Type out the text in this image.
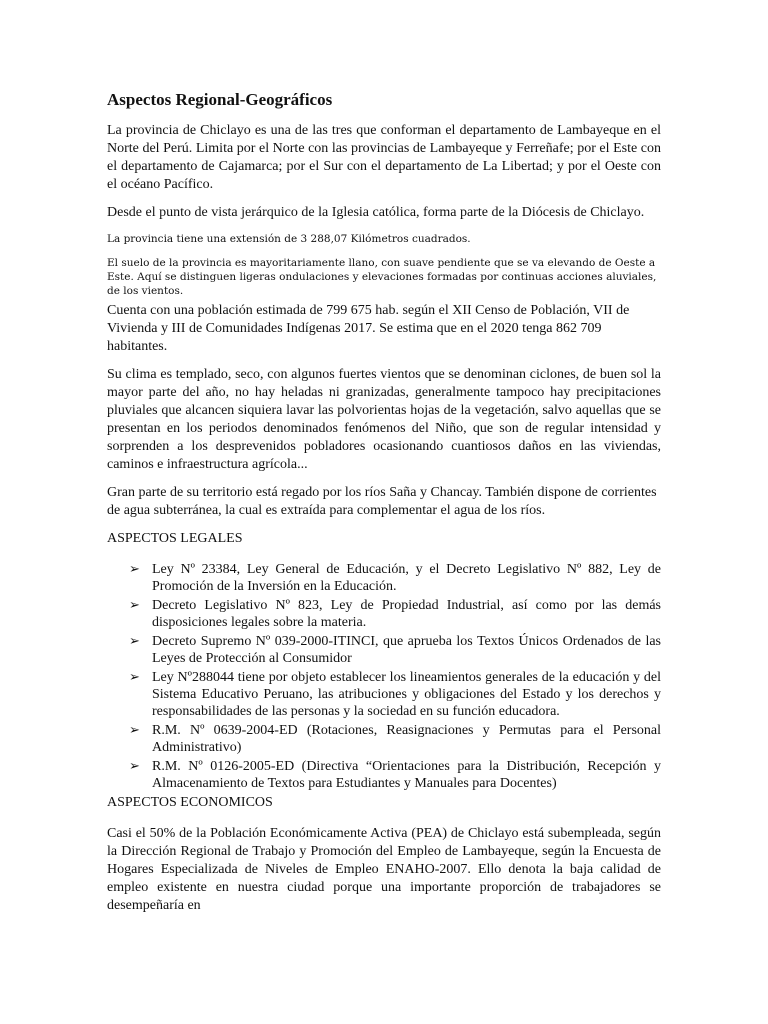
Aspectos Regional-Geográficos

La provincia de Chiclayo es una de las tres que conforman el departamento de Lambayeque en el Norte del Perú. Limita por el Norte con las provincias de Lambayeque y Ferreñafe; por el Este con el departamento de Cajamarca; por el Sur con el departamento de La Libertad; y por el Oeste con el océano Pacífico.

Desde el punto de vista jerárquico de la Iglesia católica, forma parte de la Diócesis de Chiclayo.

La provincia tiene una extensión de 3 288,07 Kilómetros cuadrados.

El suelo de la provincia es mayoritariamente llano, con suave pendiente que se va elevando de Oeste a Este. Aquí se distinguen ligeras ondulaciones y elevaciones formadas por continuas acciones aluviales, de los vientos.

Cuenta con una población estimada de 799 675 hab. según el XII Censo de Población, VII de Vivienda y III de Comunidades Indígenas 2017. Se estima que en el 2020 tenga 862 709 habitantes.

Su clima es templado, seco, con algunos fuertes vientos que se denominan ciclones, de buen sol la mayor parte del año, no hay heladas ni granizadas, generalmente tampoco hay precipitaciones pluviales que alcancen siquiera lavar las polvorientas hojas de la vegetación, salvo aquellas que se presentan en los periodos denominados fenómenos del Niño, que son de regular intensidad y sorprenden a los desprevenidos pobladores ocasionando cuantiosos daños en las viviendas, caminos e infraestructura agrícola...

Gran parte de su territorio está regado por los ríos Saña y Chancay. También dispone de corrientes de agua subterránea, la cual es extraída para complementar el agua de los ríos.

ASPECTOS LEGALES
➢ Ley Nº 23384, Ley General de Educación, y el Decreto Legislativo Nº 882, Ley de Promoción de la Inversión en la Educación.
➢ Decreto Legislativo Nº 823, Ley de Propiedad Industrial, así como por las demás disposiciones legales sobre la materia.
➢ Decreto Supremo Nº 039-2000-ITINCI, que aprueba los Textos Únicos Ordenados de las Leyes de Protección al Consumidor
➢ Ley Nº288044 tiene por objeto establecer los lineamientos generales de la educación y del Sistema Educativo Peruano, las atribuciones y obligaciones del Estado y los derechos y responsabilidades de las personas y la sociedad en su función educadora.
➢ R.M. Nº 0639-2004-ED (Rotaciones, Reasignaciones y Permutas para el Personal Administrativo)
➢ R.M. Nº 0126-2005-ED (Directiva “Orientaciones para la Distribución, Recepción y Almacenamiento de Textos para Estudiantes y Manuales para Docentes)
ASPECTOS ECONOMICOS

Casi el 50% de la Población Económicamente Activa (PEA) de Chiclayo está subempleada, según la Dirección Regional de Trabajo y Promoción del Empleo de Lambayeque, según la Encuesta de Hogares Especializada de Niveles de Empleo ENAHO-2007. Ello denota la baja calidad de empleo existente en nuestra ciudad porque una importante proporción de trabajadores se desempeñaría en
